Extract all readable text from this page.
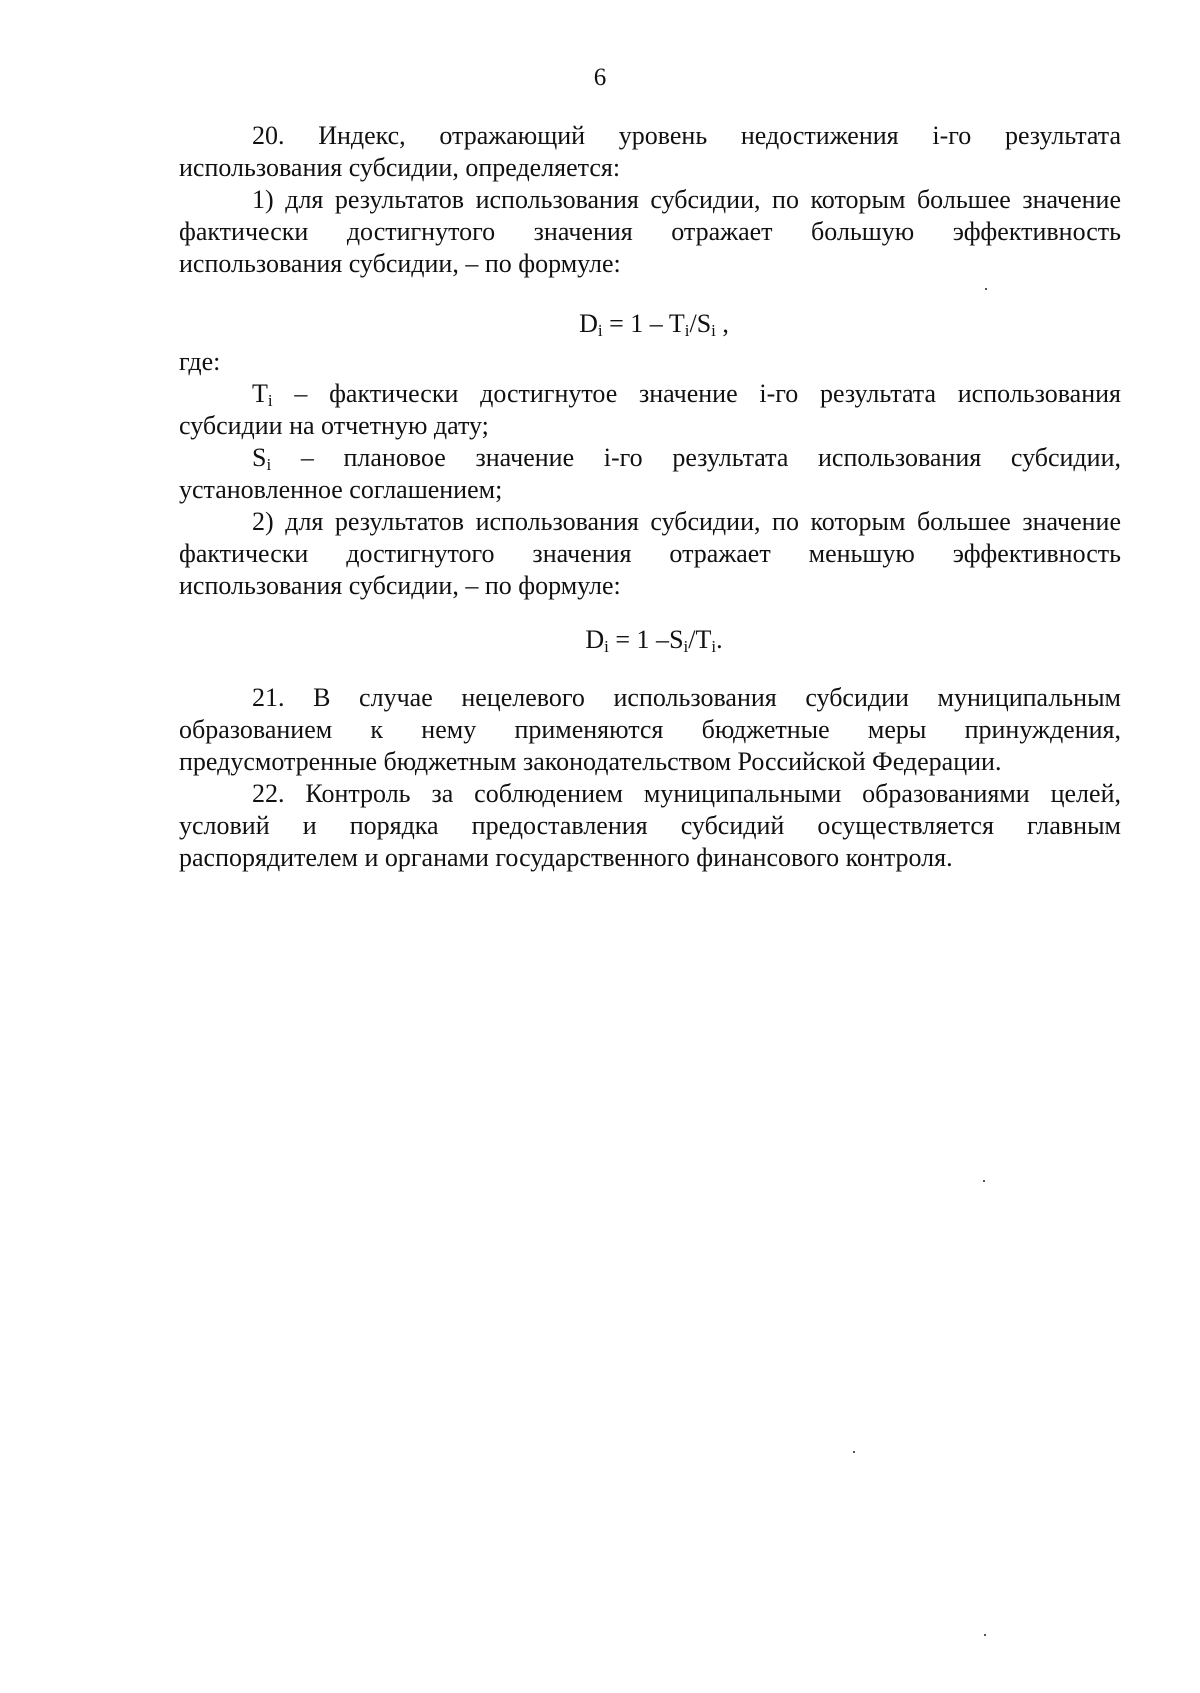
6

20. Индекс, отражающий уровень недостижения i-го результата использования субсидии, определяется:

1) для результатов использования субсидии, по которым большее значение фактически достигнутого значения отражает большую эффективность использования субсидии, – по формуле:

$D_i = 1 - T_i/S_i$ ,

где:

$T_i$ – фактически достигнутое значение i-го результата использования субсидии на отчетную дату;

$S_i$ – плановое значение i-го результата использования субсидии, установленное соглашением;

2) для результатов использования субсидии, по которым большее значение фактически достигнутого значения отражает меньшую эффективность использования субсидии, – по формуле:

$D_i = 1$ $-S_i/T_i$.

21. В случае нецелевого использования субсидии муниципальным образованием к нему применяются бюджетные меры принуждения, предусмотренные бюджетным законодательством Российской Федерации.

22. Контроль за соблюдением муниципальными образованиями целей, условий и порядка предоставления субсидий осуществляется главным распорядителем и органами государственного финансового контроля.
